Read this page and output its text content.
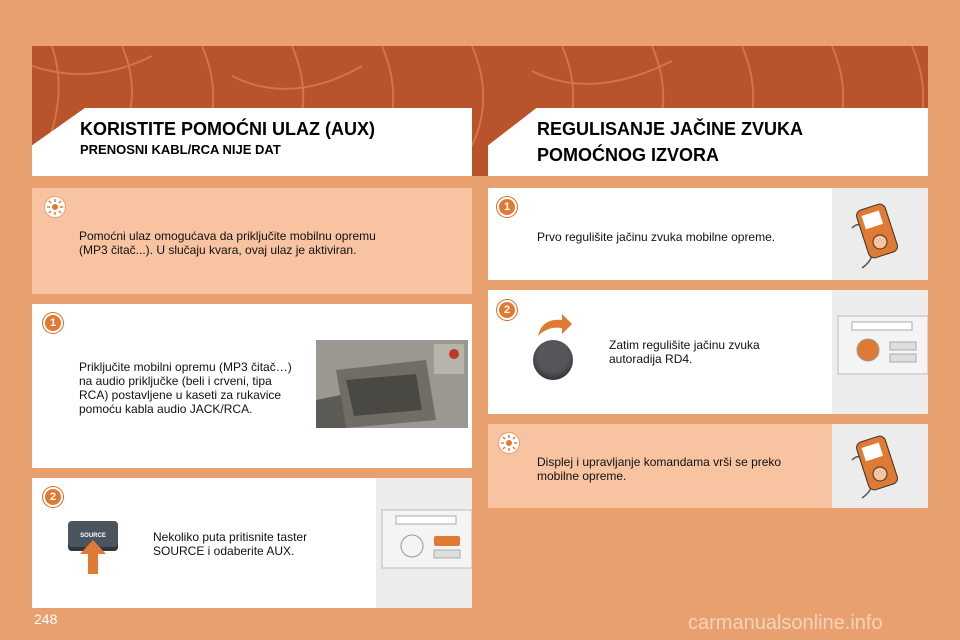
KORISTITE POMOĆNI ULAZ (AUX)
PRENOSNI KABL/RCA NIJE DAT
REGULISANJE JAČINE ZVUKA
POMOĆNOG IZVORA
Pomoćni ulaz omogućava da priključite mobilnu opremu
(MP3 čitač...). U slučaju kvara, ovaj ulaz je aktiviran.
1
Priključite mobilni opremu (MP3 čitač…)
na audio priključke (beli i crveni, tipa
RCA) postavljene u kaseti za rukavice
pomoću kabla audio JACK/RCA.
2
Nekoliko puta pritisnite taster
SOURCE i odaberite AUX.
SOURCE
1
Prvo regulišite jačinu zvuka mobilne opreme.
2
Zatim regulišite jačinu zvuka
autoradija RD4.
Displej i upravljanje komandama vrši se preko
mobilne opreme.
248	carmanualsonline.info
